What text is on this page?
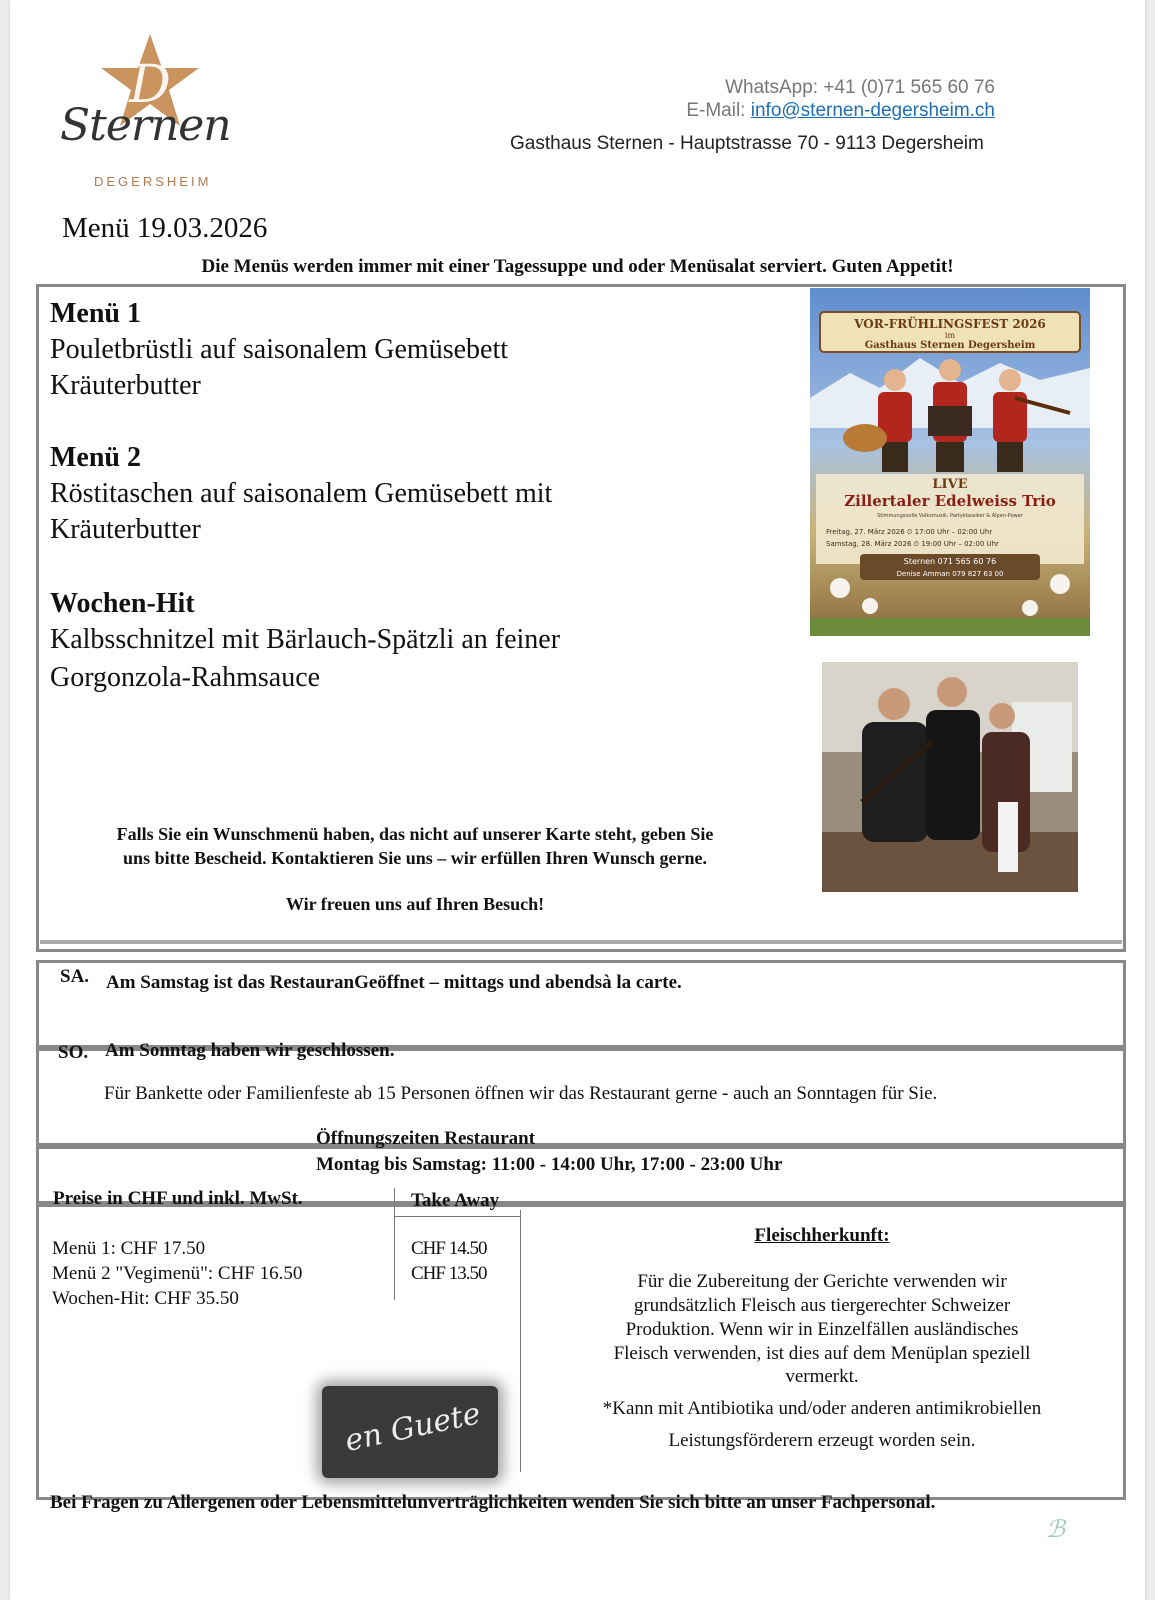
D
Sternen
DEGERSHEIM
WhatsApp: +41 (0)71 565 60 76
E-Mail: info@sternen-degersheim.ch
Gasthaus Sternen - Hauptstrasse 70 - 9113 Degersheim
Menü 19.03.2026
Die Menüs werden immer mit einer Tagessuppe und oder Menüsalat serviert. Guten Appetit!
Menü 1
Pouletbrüstli auf saisonalem Gemüsebett
Kräuterbutter
Menü 2
Röstitaschen auf saisonalem Gemüsebett mit
Kräuterbutter
Wochen-Hit
Kalbsschnitzel mit Bärlauch-Spätzli an feiner
Gorgonzola-Rahmsauce
VOR-FRÜHLINGSFEST 2026
im
Gasthaus Sternen Degersheim
LIVE
Zillertaler Edelweiss Trio
Stimmungsvolle Volksmusik, Partyklassiker & Alpen-Power
Freitag, 27. März 2026 ⏲ 17:00 Uhr – 02:00 Uhr
Samstag, 28. März 2026 ⏲ 19:00 Uhr – 02:00 Uhr
Sternen 071 565 60 76
Denise Amman 079 827 63 00
Falls Sie ein Wunschmenü haben, das nicht auf unserer Karte steht, geben Sie
uns bitte Bescheid. Kontaktieren Sie uns – wir erfüllen Ihren Wunsch gerne.
Wir freuen uns auf Ihren Besuch!
SA. Am Samstag ist das RestauranGeöffnet – mittags und abendsà la carte.
SO. Am Sonntag haben wir geschlossen.
Für Bankette oder Familienfeste ab 15 Personen öffnen wir das Restaurant gerne - auch an Sonntagen für Sie.
Öffnungszeiten Restaurant
Montag bis Samstag: 11:00 - 14:00 Uhr, 17:00 - 23:00 Uhr
Preise in CHF und inkl. MwSt.	Take Away
Menü 1: CHF 17.50
Menü 2 "Vegimenü": CHF 16.50
Wochen-Hit: CHF 35.50
CHF 14.50
CHF 13.50
en Guete
Fleischherkunft:
Für die Zubereitung der Gerichte verwenden wir
grundsätzlich Fleisch aus tiergerechter Schweizer
Produktion. Wenn wir in Einzelfällen ausländisches
Fleisch verwenden, ist dies auf dem Menüplan speziell
vermerkt.
*Kann mit Antibiotika und/oder anderen antimikrobiellen
Leistungsförderern erzeugt worden sein.
Bei Fragen zu Allergenen oder Lebensmittelunverträglichkeiten wenden Sie sich bitte an unser Fachpersonal.
ℬ
